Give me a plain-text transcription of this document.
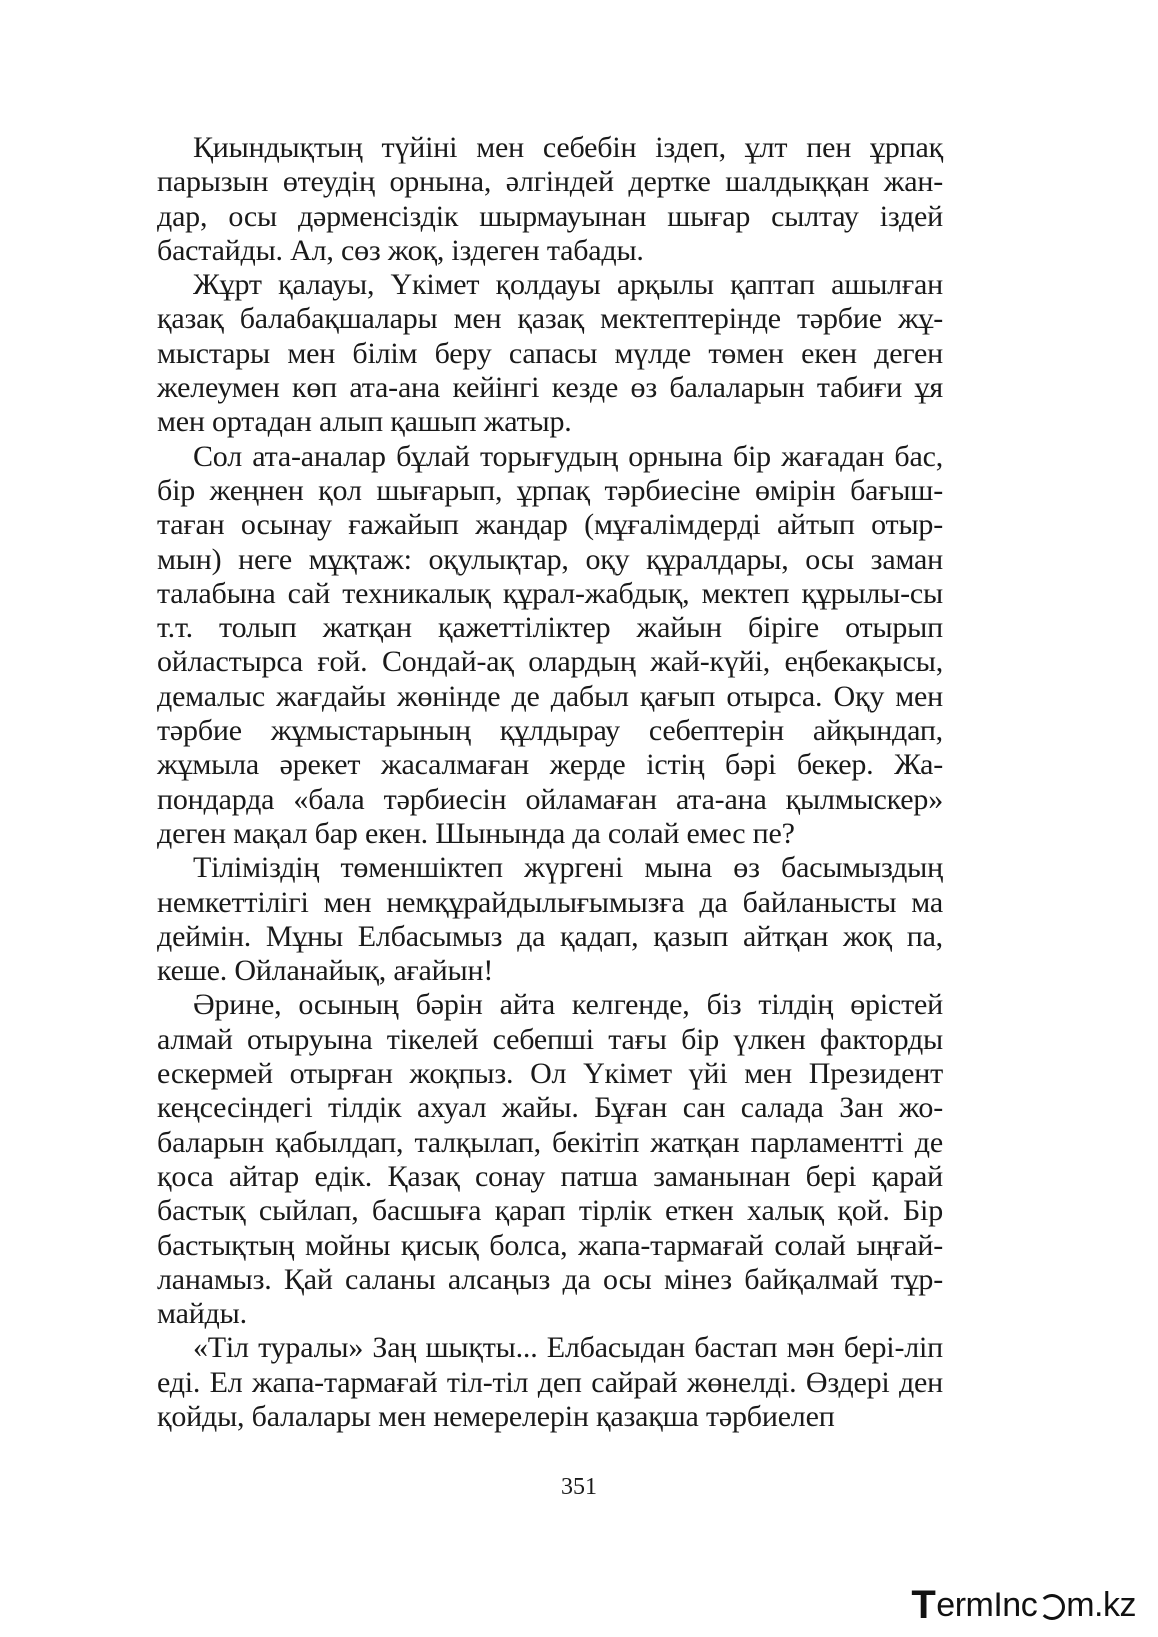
Қиындықтың түйіні мен себебін іздеп, ұлт пен ұрпақ парызын өтеудің орнына, әлгіндей дертке шалдыққан жан-дар, осы дәрменсіздік шырмауынан шығар сылтау іздей бастайды. Ал, сөз жоқ, іздеген табады.

Жұрт қалауы, Үкімет қолдауы арқылы қаптап ашылған қазақ балабақшалары мен қазақ мектептерінде тәрбие жұ-мыстары мен білім беру сапасы мүлде төмен екен деген желеумен көп ата-ана кейінгі кезде өз балаларын табиғи ұя мен ортадан алып қашып жатыр.

Сол ата-аналар бұлай торығудың орнына бір жағадан бас, бір жеңнен қол шығарып, ұрпақ тәрбиесіне өмірін бағыш-таған осынау ғажайып жандар (мұғалімдерді айтып отыр-мын) неге мұқтаж: оқулықтар, оқу құралдары, осы заман талабына сай техникалық құрал-жабдық, мектеп құрылы-сы т.т. толып жатқан қажеттіліктер жайын біріге отырып ойластырса ғой. Сондай-ақ олардың жай-күйі, еңбекақысы, демалыс жағдайы жөнінде де дабыл қағып отырса. Оқу мен тәрбие жұмыстарының құлдырау себептерін айқындап, жұмыла әрекет жасалмаған жерде істің бәрі бекер. Жа-пондарда «бала тәрбиесін ойламаған ата-ана қылмыскер» деген мақал бар екен. Шынында да солай емес пе?

Тіліміздің төменшіктеп жүргені мына өз басымыздың немкеттілігі мен немқұрайдылығымызға да байланысты ма деймін. Мұны Елбасымыз да қадап, қазып айтқан жоқ па, кеше. Ойланайық, ағайын!

Әрине, осының бәрін айта келгенде, біз тілдің өрістей алмай отыруына тікелей себепші тағы бір үлкен факторды ескермей отырған жоқпыз. Ол Үкімет үйі мен Президент кеңсесіндегі тілдік ахуал жайы. Бұған сан салада Зан жо-баларын қабылдап, талқылап, бекітіп жатқан парламентті де қоса айтар едік. Қазақ сонау патша заманынан бері қарай бастық сыйлап, басшыға қарап тірлік еткен халық қой. Бір бастықтың мойны қисық болса, жапа-тармағай солай ыңғай-ланамыз. Қай саланы алсаңыз да осы мінез байқалмай тұр-майды.

«Тіл туралы» Заң шықты... Елбасыдан бастап мән бері-ліп еді. Ел жапа-тармағай тіл-тіл деп сайрай жөнелді. Өздері ден қойды, балалары мен немерелерін қазақша тәрбиелеп

351
T ermInc m.kz
